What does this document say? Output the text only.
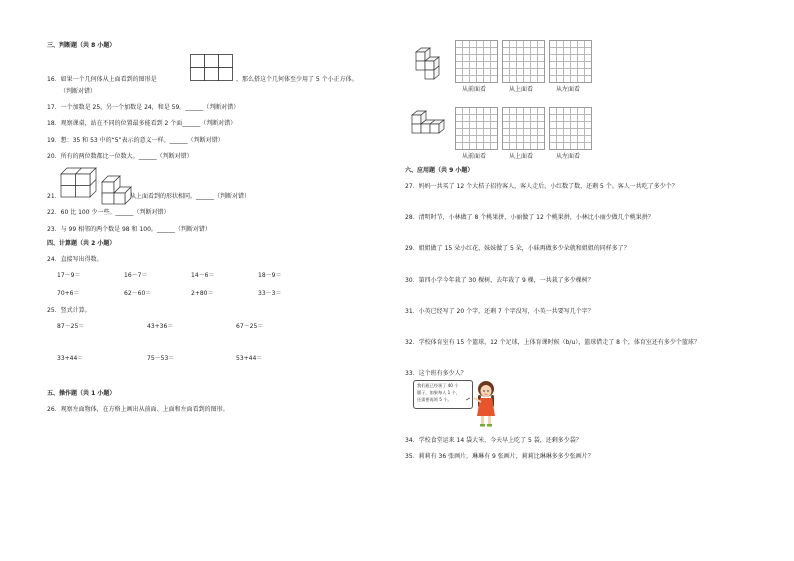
三、判断题（共 8 小题）
16．如果一个几何体从上面看到的图形是	，那么搭这个几何体至少用了 5 个小正方体。
（判断对错）
17．一个加数是 25，另一个加数是 24，和是 59。______（判断对错）
18．观察课桌，站在不同的位置最多能看到 2 个面______（判断对错）
19．想：35 和 53 中的“5”表示的意义一样。______（判断对错）
20．所有的两位数都比一位数大。______（判断对错）
21．	从上面看到的形状相同。______（判断对错）
22．60 比 100 少一些。______（判断对错）
23．与 99 相邻的两个数是 98 和 100。______（判断对错）
四、计算题（共 2 小题）
24．直接写出得数。
17－9＝	16－7＝	14－6＝	18－9＝
70+6＝	62－60＝	2+80＝	33－3＝
25．竖式计算。
87－25＝	43+36＝	67－25＝
33+44＝	75－53＝	53+44＝
五、操作题（共 1 小题）
26．观察左面物体，在方格上画出从前面、上面和左面看到的图形。
从前面看	从上面看	从左面看
从前面看	从上面看	从左面看
六、应用题（共 9 小题）
27．妈妈一共买了 12 个大桔子招待客人，客人走后，小红数了数，还剩 5 个。客人一共吃了多少个？
28．清明时节，小林做了 8 个桃果拼，小丽做了 12 个桃果拼，小林比小丽少做几个桃果拼？
29．姐姐做了 15 朵小红花，妹妹做了 5 朵，小妹再做多少朵就和姐姐的同样多了？
30．第四小学今年栽了 30 棵树，去年栽了 9 棵，一共栽了多少棵树？
31．小英已经写了 20 个字，还剩 7 个字没写，小英一共要写几个字？
32．学校体育室有 15 个篮球，12 个足球，上体育课时候（b/u），篮球借走了 8 个，体育室还有多少个篮球？
33．这个班有多少人？
我们班已经领了 40 个
圆子，如果每人 1 个，
还需要再领 5 个。
34．学校食堂运来 14 袋大米，今天早上吃了 5 袋，还剩多少袋？
35．莉莉有 36 张画片，琳琳有 9 张画片，莉莉比琳琳多多少张画片？
